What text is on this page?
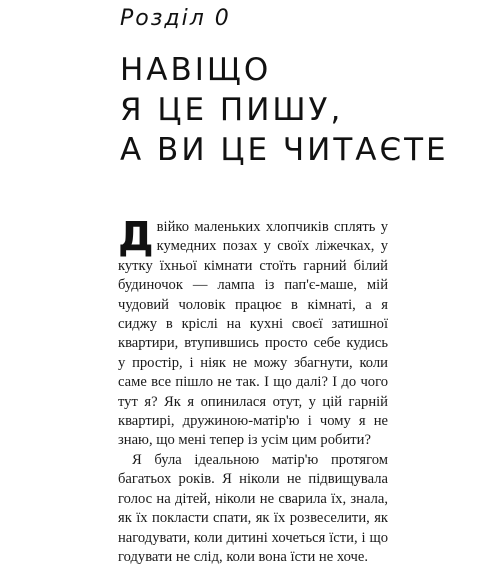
Розділ 0
НАВІЩО
Я ЦЕ ПИШУ,
А ВИ ЦЕ ЧИТАЄТЕ

Двійко маленьких хлопчиків сплять у кумедних позах у своїх ліжечках, у кутку їхньої кімнати стоїть гарний білий будиночок — лампа із пап'є-маше, мій чудовий чоловік працює в кімнаті, а я сиджу в кріслі на кухні своєї затишної квартири, втупившись просто себе кудись у простір, і ніяк не можу збагнути, коли саме все пішло не так. І що далі? І до чого тут я? Як я опинилася отут, у цій гарній квартирі, дружиною-матір'ю і чому я не знаю, що мені тепер із усім цим робити?

Я була ідеальною матір'ю протягом багатьох років. Я ніколи не підвищувала голос на дітей, ніколи не сварила їх, знала, як їх покласти спати, як їх розвеселити, як нагодувати, коли дитині хочеться їсти, і що годувати не слід, коли вона їсти не хоче.
